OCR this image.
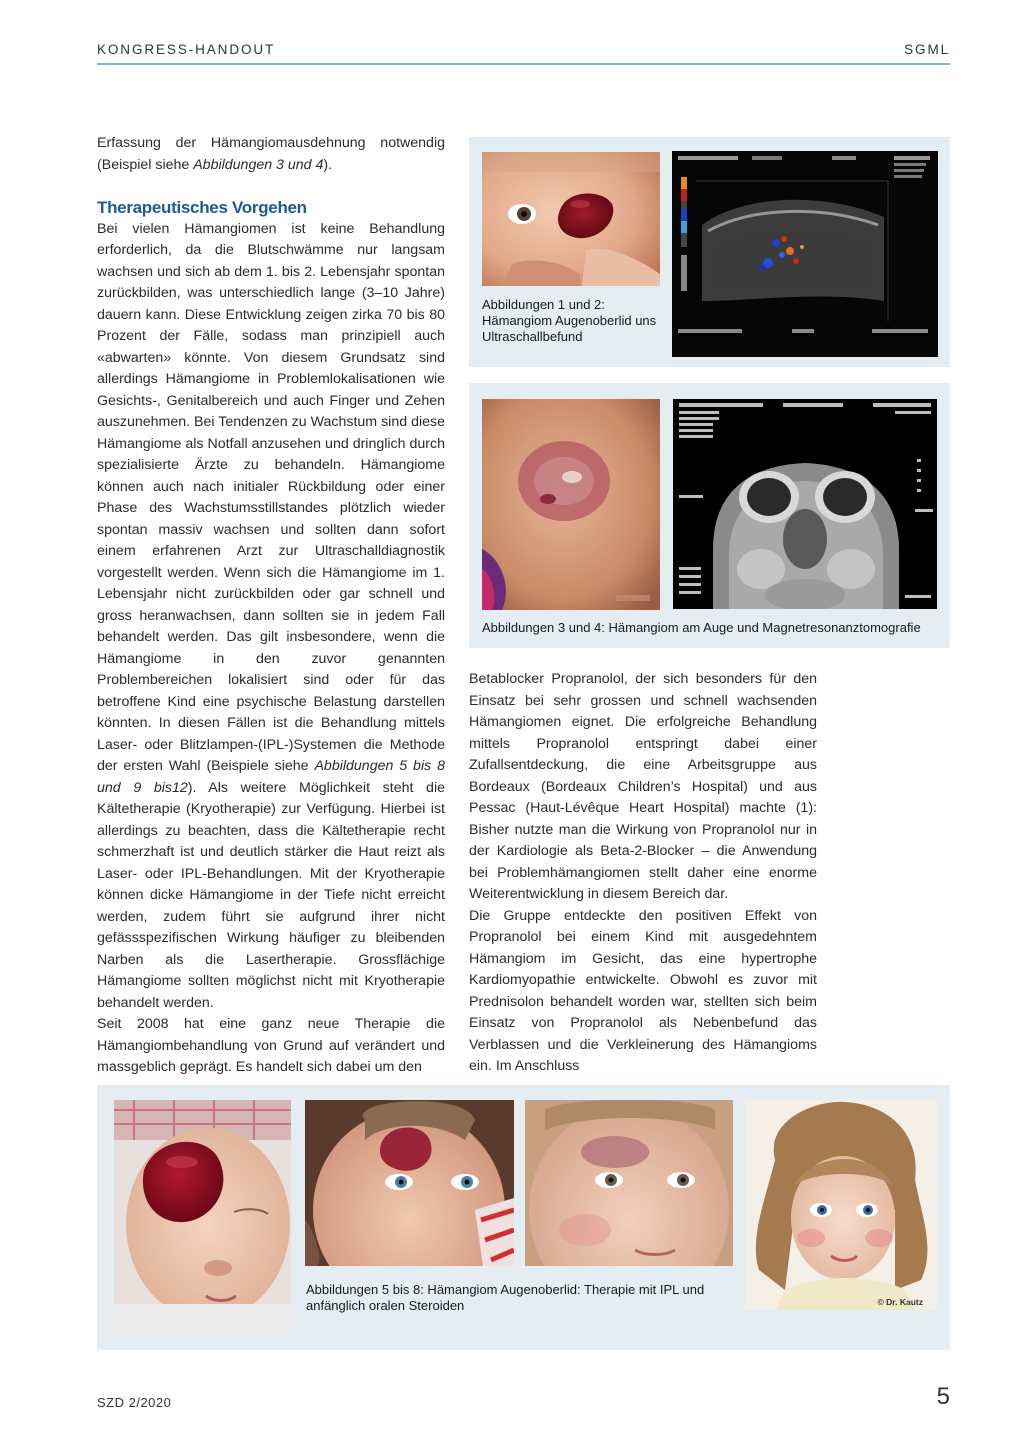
KONGRESS-HANDOUT	SGML

Erfassung der Hämangiomausdehnung notwendig (Beispiel siehe Abbildungen 3 und 4).

Therapeutisches Vorgehen

Bei vielen Hämangiomen ist keine Behandlung erforderlich, da die Blutschwämme nur langsam wachsen und sich ab dem 1. bis 2. Lebensjahr spontan zurückbilden, was unterschiedlich lange (3–10 Jahre) dauern kann. Diese Entwicklung zeigen zirka 70 bis 80 Prozent der Fälle, sodass man prinzipiell auch «abwarten» könnte. Von diesem Grundsatz sind allerdings Hämangiome in Problemlokalisationen wie Gesichts-, Genitalbereich und auch Finger und Zehen auszunehmen. Bei Tendenzen zu Wachstum sind diese Hämangiome als Notfall anzusehen und dringlich durch spezialisierte Ärzte zu behandeln. Hämangiome können auch nach initialer Rückbildung oder einer Phase des Wachstumsstillstandes plötzlich wieder spontan massiv wachsen und sollten dann sofort einem erfahrenen Arzt zur Ultraschalldiagnostik vorgestellt werden. Wenn sich die Hämangiome im 1. Lebensjahr nicht zurückbilden oder gar schnell und gross heranwachsen, dann sollten sie in jedem Fall behandelt werden. Das gilt insbesondere, wenn die Hämangiome in den zuvor genannten Problembereichen lokalisiert sind oder für das betroffene Kind eine psychische Belastung darstellen könnten. In diesen Fällen ist die Behandlung mittels Laser- oder Blitzlampen-(IPL-)Systemen die Methode der ersten Wahl (Beispiele siehe Abbildungen 5 bis 8 und 9 bis12). Als weitere Möglichkeit steht die Kältetherapie (Kryotherapie) zur Verfügung. Hierbei ist allerdings zu beachten, dass die Kältetherapie recht schmerzhaft ist und deutlich stärker die Haut reizt als Laser- oder IPL-Behandlungen. Mit der Kryotherapie können dicke Hämangiome in der Tiefe nicht erreicht werden, zudem führt sie aufgrund ihrer nicht gefässspezifischen Wirkung häufiger zu bleibenden Narben als die Lasertherapie. Grossflächige Hämangiome sollten möglichst nicht mit Kryotherapie behandelt werden.

Seit 2008 hat eine ganz neue Therapie die Hämangiombehandlung von Grund auf verändert und massgeblich geprägt. Es handelt sich dabei um den

Betablocker Propranolol, der sich besonders für den Einsatz bei sehr grossen und schnell wachsenden Hämangiomen eignet. Die erfolgreiche Behandlung mittels Propranolol entspringt dabei einer Zufallsentdeckung, die eine Arbeitsgruppe aus Bordeaux (Bordeaux Children’s Hospital) und aus Pessac (Haut-Lévêque Heart Hospital) machte (1): Bisher nutzte man die Wirkung von Propranolol nur in der Kardiologie als Beta-2-Blocker – die Anwendung bei Problemhämangiomen stellt daher eine enorme Weiterentwicklung in diesem Bereich dar.

Die Gruppe entdeckte den positiven Effekt von Propranolol bei einem Kind mit ausgedehntem Hämangiom im Gesicht, das eine hypertrophe Kardiomyopathie entwickelte. Obwohl es zuvor mit Prednisolon behandelt worden war, stellten sich beim Einsatz von Propranolol als Nebenbefund das Verblassen und die Verkleinerung des Hämangioms ein. Im Anschluss

Abbildungen 1 und 2: Hämangiom Augenoberlid uns Ultraschallbefund
Abbildungen 3 und 4: Hämangiom am Auge und Magnetresonanztomografie
© Dr. Kautz
Abbildungen 5 bis 8: Hämangiom Augenoberlid: Therapie mit IPL und anfänglich oralen Steroiden
SZD 2/2020	5
